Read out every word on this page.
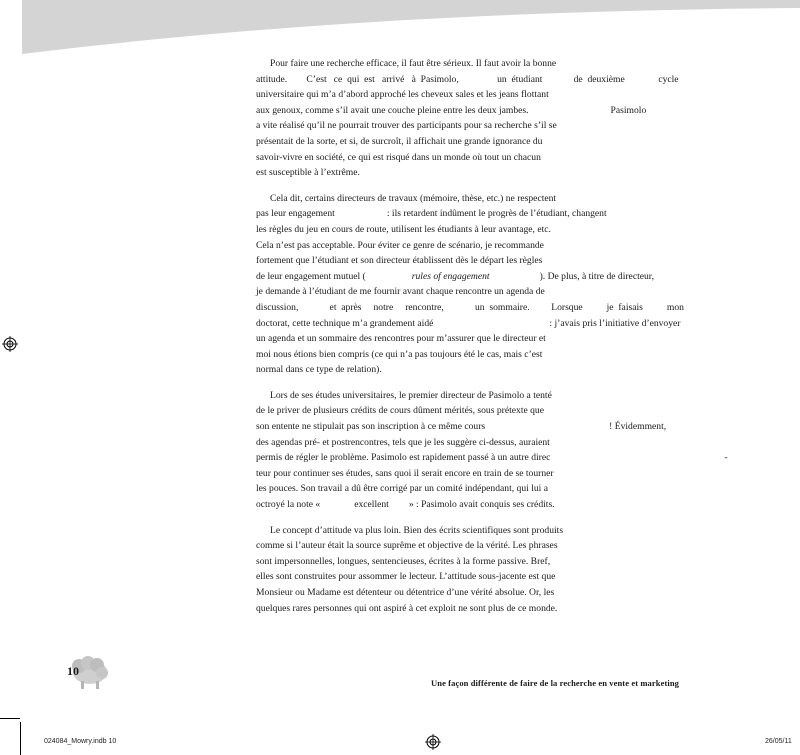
Pour faire une recherche efficace, il faut être sérieux. Il faut avoir la bonne
attitude.        C’est   ce  qui  est   arrivé   à  Pasimolo,                un  étudiant             de  deuxième              cycle
universitaire qui m’a d’abord approché les cheveux sales et les jeans flottant
aux genoux, comme s’il avait une couche pleine entre les deux jambes.	Pasimolo
a vite réalisé qu’il ne pourrait trouver des participants pour sa recherche s’il se
présentait de la sorte, et si, de surcroît, il affichait une grande ignorance du
savoir-vivre en société, ce qui est risqué dans un monde où tout un chacun
est susceptible à l’extrême.
Cela dit, certains directeurs de travaux (mémoire, thèse, etc.) ne respectent
pas leur engagement	: ils retardent indûment le progrès de l’étudiant, changent
les règles du jeu en cours de route, utilisent les étudiants à leur avantage, etc.
Cela n’est pas acceptable. Pour éviter ce genre de scénario, je recommande
fortement que l’étudiant et son directeur établissent dès le départ les règles
de leur engagement mutuel (	rules of engagement	). De plus, à titre de directeur,
je demande à l’étudiant de me fournir avant chaque rencontre un agenda de
discussion,             et  après     notre     rencontre,             un  sommaire.         Lorsque          je  faisais          mon
doctorat, cette technique m’a grandement aidé	: j’avais pris l’initiative d’envoyer
un agenda et un sommaire des rencontres pour m’assurer que le directeur et
moi nous étions bien compris (ce qui n’a pas toujours été le cas, mais c’est
normal dans ce type de relation).
Lors de ses études universitaires, le premier directeur de Pasimolo a tenté
de le priver de plusieurs crédits de cours dûment mérités, sous prétexte que
son entente ne stipulait pas son inscription à ce même cours	! Évidemment,
des agendas pré- et postrencontres, tels que je les suggère ci-dessus, auraient
permis de régler le problème. Pasimolo est rapidement passé à un autre direc	-
teur pour continuer ses études, sans quoi il serait encore en train de se tourner
les pouces. Son travail a dû être corrigé par un comité indépendant, qui lui a
octroyé la note «	excellent » : Pasimolo avait conquis ses crédits.
Le concept d’attitude va plus loin. Bien des écrits scientifiques sont produits
comme si l’auteur était la source suprême et objective de la vérité. Les phrases
sont impersonnelles, longues, sentencieuses, écrites à la forme passive. Bref,
elles sont construites pour assommer le lecteur. L’attitude sous-jacente est que
Monsieur ou Madame est détenteur ou détentrice d’une vérité absolue. Or, les
quelques rares personnes qui ont aspiré à cet exploit ne sont plus de ce monde.
10
Une façon différente de faire de la recherche en vente et marketing
024084_Mowry.indb 10	26/05/11
